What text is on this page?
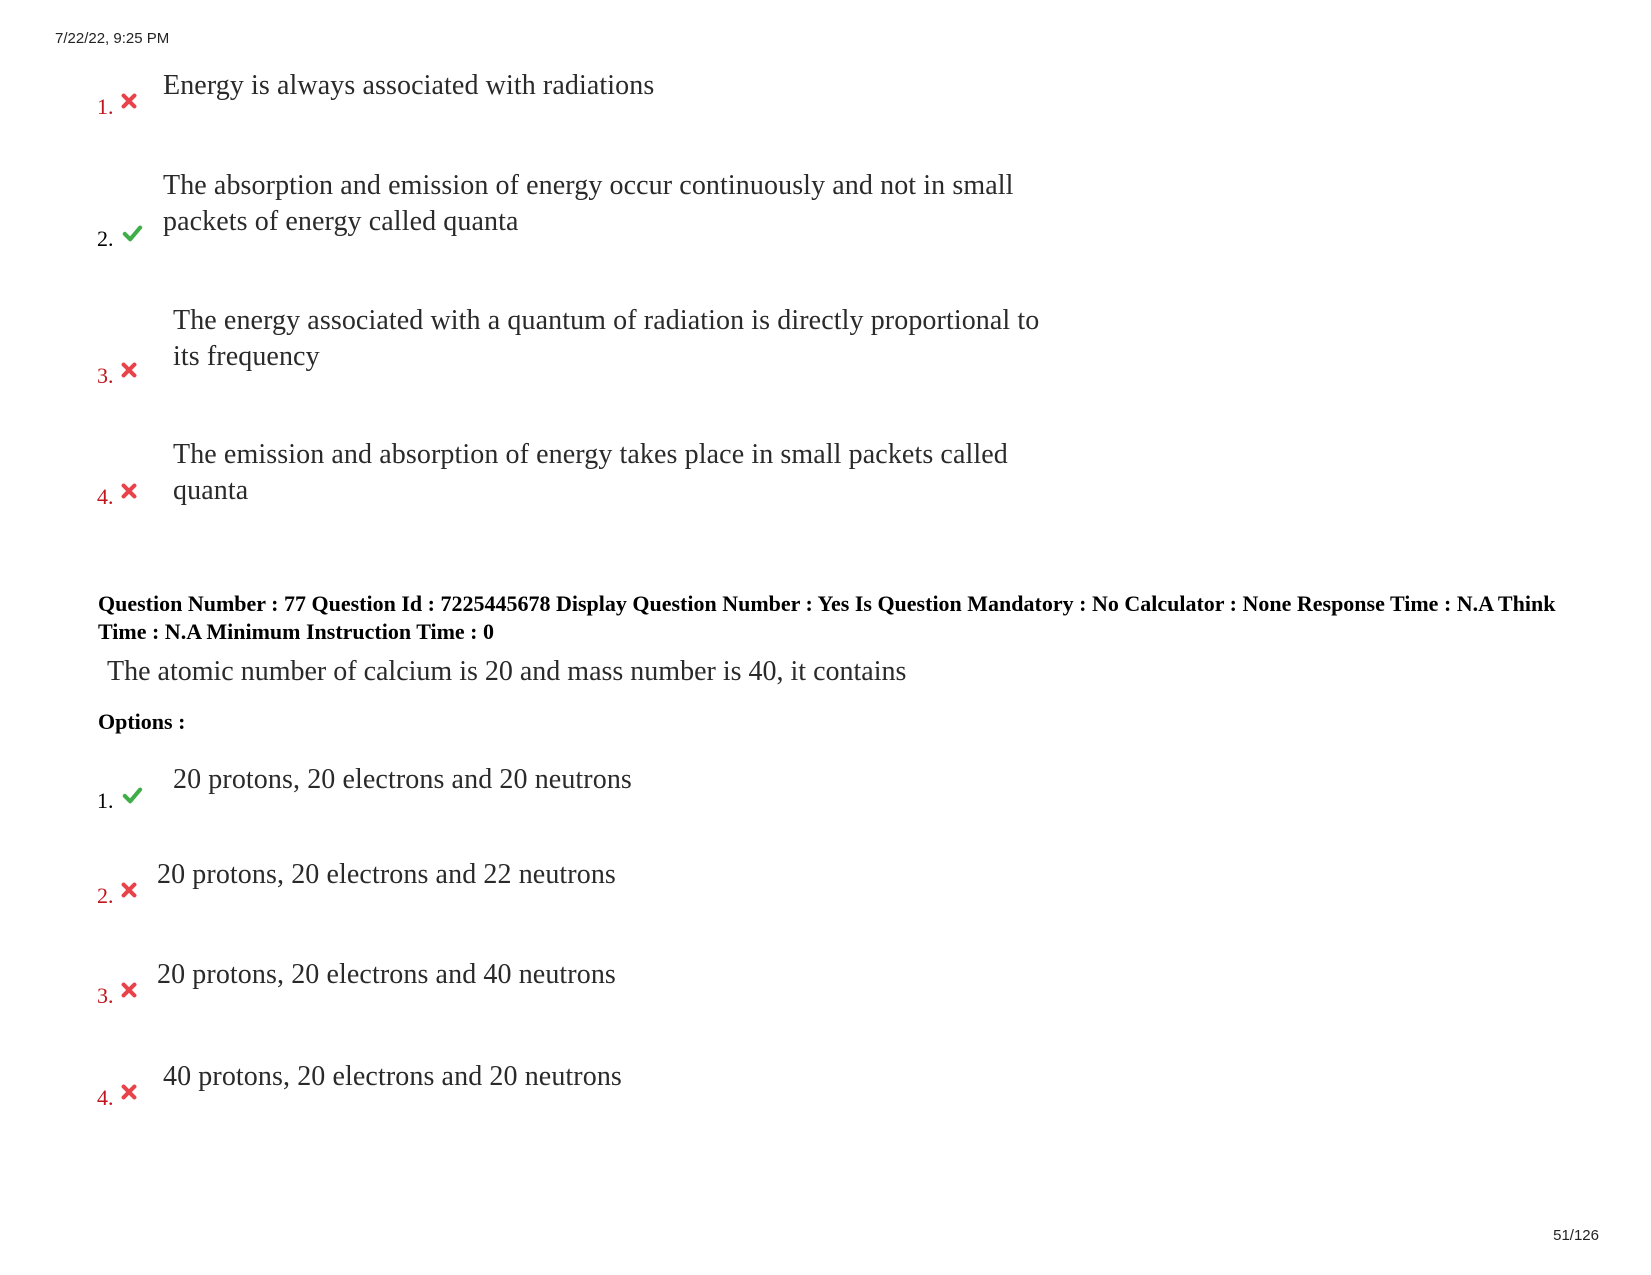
7/22/22, 9:25 PM
1.
Energy is always associated with radiations
2.
The absorption and emission of energy occur continuously and not in small
packets of energy called quanta
3.
The energy associated with a quantum of radiation is directly proportional to
its frequency
4.
The emission and absorption of energy takes place in small packets called
quanta
Question Number : 77 Question Id : 7225445678 Display Question Number : Yes Is Question Mandatory : No Calculator : None Response Time : N.A Think Time : N.A Minimum Instruction Time : 0
The atomic number of calcium is 20 and mass number is 40, it contains
Options :
1.
20 protons, 20 electrons and 20 neutrons
2.
20 protons, 20 electrons and 22 neutrons
3.
20 protons, 20 electrons and 40 neutrons
4.
40 protons, 20 electrons and 20 neutrons
51/126
